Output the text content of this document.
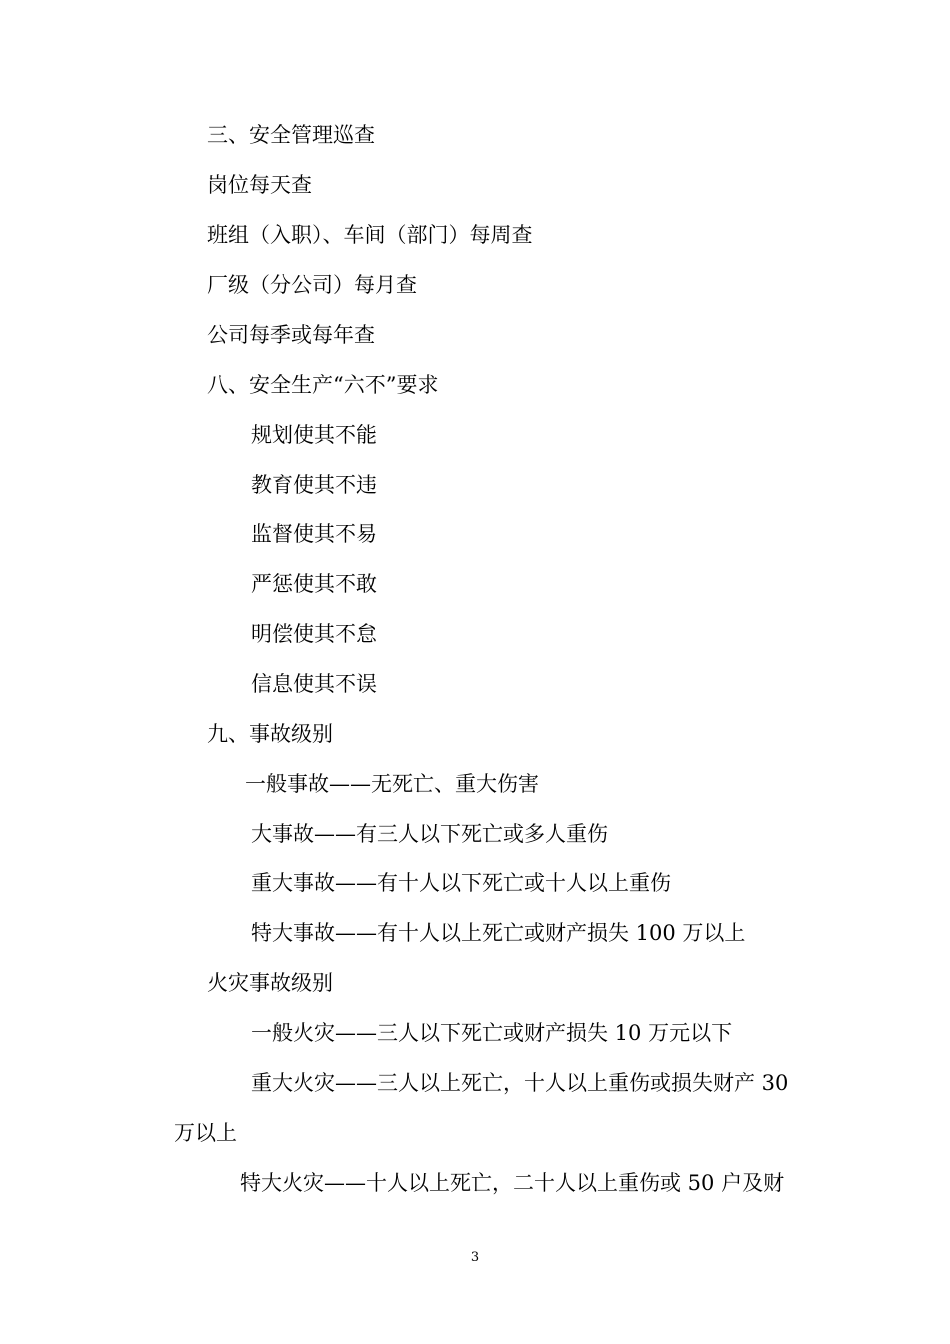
三、安全管理巡查
岗位每天查
班组（入职）、车间（部门）每周查
厂级（分公司）每月查
公司每季或每年查
八、安全生产“六不”要求
规划使其不能
教育使其不违
监督使其不易
严惩使其不敢
明偿使其不怠
信息使其不误
九、事故级别
一般事故——无死亡、重大伤害
大事故——有三人以下死亡或多人重伤
重大事故——有十人以下死亡或十人以上重伤
特大事故——有十人以上死亡或财产损失 100 万以上
火灾事故级别
一般火灾——三人以下死亡或财产损失 10 万元以下
重大火灾——三人以上死亡，十人以上重伤或损失财产 30
万以上
特大火灾——十人以上死亡，二十人以上重伤或 50 户及财
3
